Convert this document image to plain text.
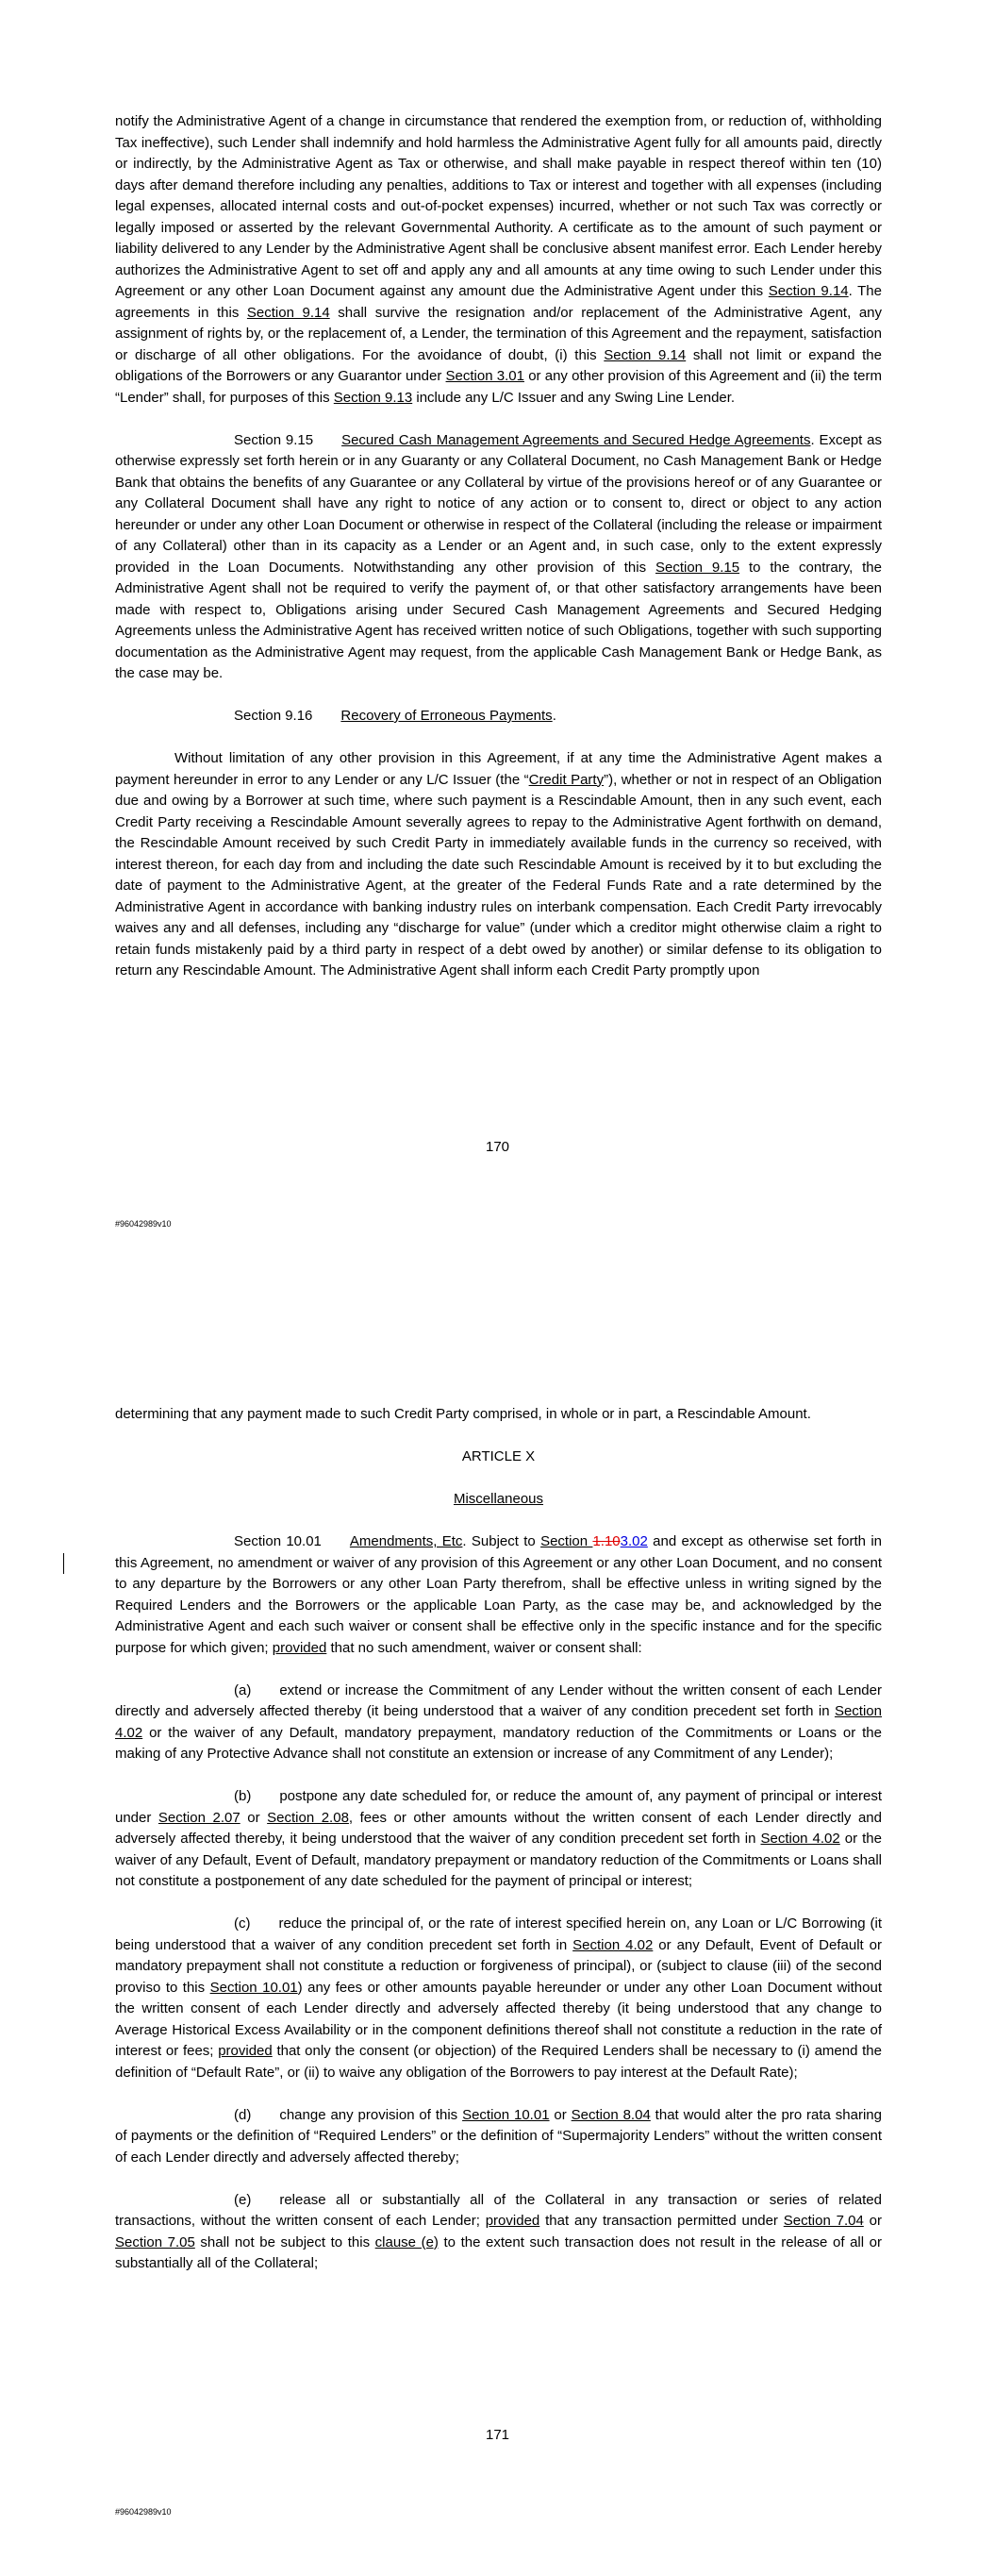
notify the Administrative Agent of a change in circumstance that rendered the exemption from, or reduction of, withholding Tax ineffective), such Lender shall indemnify and hold harmless the Administrative Agent fully for all amounts paid, directly or indirectly, by the Administrative Agent as Tax or otherwise, and shall make payable in respect thereof within ten (10) days after demand therefore including any penalties, additions to Tax or interest and together with all expenses (including legal expenses, allocated internal costs and out-of-pocket expenses) incurred, whether or not such Tax was correctly or legally imposed or asserted by the relevant Governmental Authority. A certificate as to the amount of such payment or liability delivered to any Lender by the Administrative Agent shall be conclusive absent manifest error. Each Lender hereby authorizes the Administrative Agent to set off and apply any and all amounts at any time owing to such Lender under this Agreement or any other Loan Document against any amount due the Administrative Agent under this Section 9.14. The agreements in this Section 9.14 shall survive the resignation and/or replacement of the Administrative Agent, any assignment of rights by, or the replacement of, a Lender, the termination of this Agreement and the repayment, satisfaction or discharge of all other obligations. For the avoidance of doubt, (i) this Section 9.14 shall not limit or expand the obligations of the Borrowers or any Guarantor under Section 3.01 or any other provision of this Agreement and (ii) the term “Lender” shall, for purposes of this Section 9.13 include any L/C Issuer and any Swing Line Lender.

Section 9.15 Secured Cash Management Agreements and Secured Hedge Agreements. Except as otherwise expressly set forth herein or in any Guaranty or any Collateral Document, no Cash Management Bank or Hedge Bank that obtains the benefits of any Guarantee or any Collateral by virtue of the provisions hereof or of any Guarantee or any Collateral Document shall have any right to notice of any action or to consent to, direct or object to any action hereunder or under any other Loan Document or otherwise in respect of the Collateral (including the release or impairment of any Collateral) other than in its capacity as a Lender or an Agent and, in such case, only to the extent expressly provided in the Loan Documents. Notwithstanding any other provision of this Section 9.15 to the contrary, the Administrative Agent shall not be required to verify the payment of, or that other satisfactory arrangements have been made with respect to, Obligations arising under Secured Cash Management Agreements and Secured Hedging Agreements unless the Administrative Agent has received written notice of such Obligations, together with such supporting documentation as the Administrative Agent may request, from the applicable Cash Management Bank or Hedge Bank, as the case may be.

Section 9.16 Recovery of Erroneous Payments.

Without limitation of any other provision in this Agreement, if at any time the Administrative Agent makes a payment hereunder in error to any Lender or any L/C Issuer (the “Credit Party”), whether or not in respect of an Obligation due and owing by a Borrower at such time, where such payment is a Rescindable Amount, then in any such event, each Credit Party receiving a Rescindable Amount severally agrees to repay to the Administrative Agent forthwith on demand, the Rescindable Amount received by such Credit Party in immediately available funds in the currency so received, with interest thereon, for each day from and including the date such Rescindable Amount is received by it to but excluding the date of payment to the Administrative Agent, at the greater of the Federal Funds Rate and a rate determined by the Administrative Agent in accordance with banking industry rules on interbank compensation. Each Credit Party irrevocably waives any and all defenses, including any “discharge for value” (under which a creditor might otherwise claim a right to retain funds mistakenly paid by a third party in respect of a debt owed by another) or similar defense to its obligation to return any Rescindable Amount. The Administrative Agent shall inform each Credit Party promptly upon

170
#96042989v10

determining that any payment made to such Credit Party comprised, in whole or in part, a Rescindable Amount.

ARTICLE X

Miscellaneous

Section 10.01 Amendments, Etc. Subject to Section 1.103.02 and except as otherwise set forth in this Agreement, no amendment or waiver of any provision of this Agreement or any other Loan Document, and no consent to any departure by the Borrowers or any other Loan Party therefrom, shall be effective unless in writing signed by the Required Lenders and the Borrowers or the applicable Loan Party, as the case may be, and acknowledged by the Administrative Agent and each such waiver or consent shall be effective only in the specific instance and for the specific purpose for which given; provided that no such amendment, waiver or consent shall:

(a) extend or increase the Commitment of any Lender without the written consent of each Lender directly and adversely affected thereby (it being understood that a waiver of any condition precedent set forth in Section 4.02 or the waiver of any Default, mandatory prepayment, mandatory reduction of the Commitments or Loans or the making of any Protective Advance shall not constitute an extension or increase of any Commitment of any Lender);

(b) postpone any date scheduled for, or reduce the amount of, any payment of principal or interest under Section 2.07 or Section 2.08, fees or other amounts without the written consent of each Lender directly and adversely affected thereby, it being understood that the waiver of any condition precedent set forth in Section 4.02 or the waiver of any Default, Event of Default, mandatory prepayment or mandatory reduction of the Commitments or Loans shall not constitute a postponement of any date scheduled for the payment of principal or interest;

(c) reduce the principal of, or the rate of interest specified herein on, any Loan or L/C Borrowing (it being understood that a waiver of any condition precedent set forth in Section 4.02 or any Default, Event of Default or mandatory prepayment shall not constitute a reduction or forgiveness of principal), or (subject to clause (iii) of the second proviso to this Section 10.01) any fees or other amounts payable hereunder or under any other Loan Document without the written consent of each Lender directly and adversely affected thereby (it being understood that any change to Average Historical Excess Availability or in the component definitions thereof shall not constitute a reduction in the rate of interest or fees; provided that only the consent (or objection) of the Required Lenders shall be necessary to (i) amend the definition of “Default Rate”, or (ii) to waive any obligation of the Borrowers to pay interest at the Default Rate);

(d) change any provision of this Section 10.01 or Section 8.04 that would alter the pro rata sharing of payments or the definition of “Required Lenders” or the definition of “Supermajority Lenders” without the written consent of each Lender directly and adversely affected thereby;

(e) release all or substantially all of the Collateral in any transaction or series of related transactions, without the written consent of each Lender; provided that any transaction permitted under Section 7.04 or Section 7.05 shall not be subject to this clause (e) to the extent such transaction does not result in the release of all or substantially all of the Collateral;

171
#96042989v10
